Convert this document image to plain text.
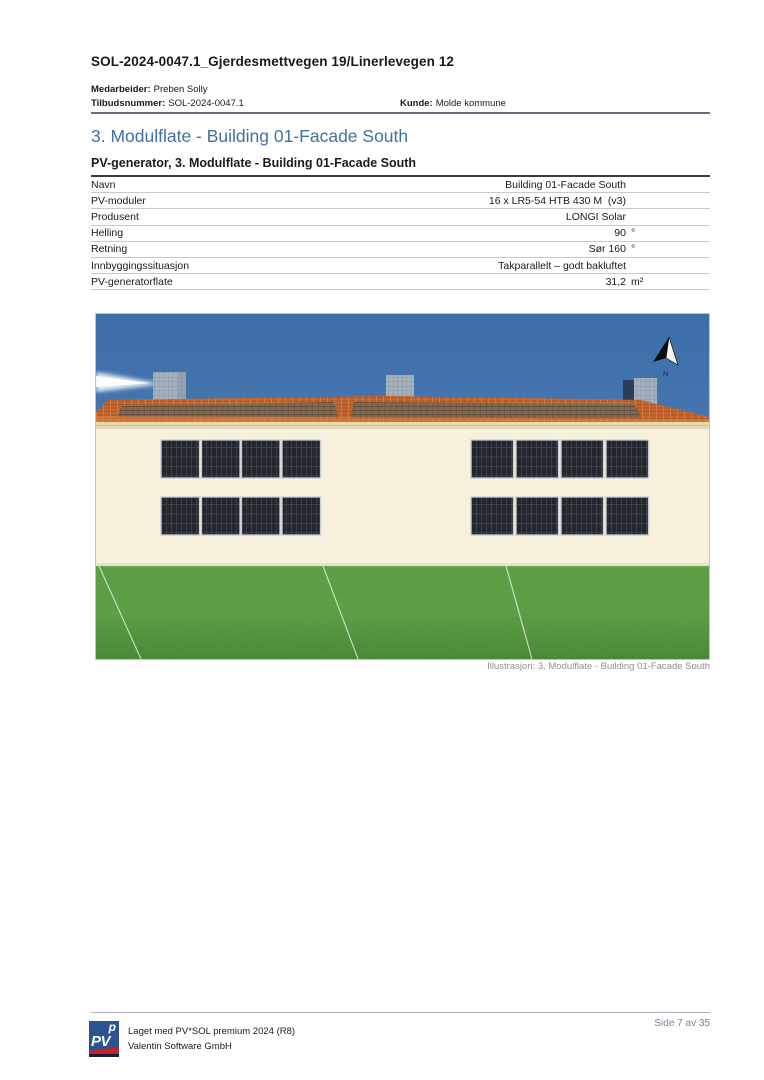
SOL-2024-0047.1_Gjerdesmettvegen 19/Linerlevegen 12
Medarbeider: Preben Solly
Tilbudsnummer: SOL-2024-0047.1	Kunde: Molde kommune
3. Modulflate - Building 01-Facade South
PV-generator, 3. Modulflate - Building 01-Facade South
Navn	Building 01-Facade South
PV-moduler	16 x LR5-54 HTB 430 M  (v3)
Produsent	LONGI Solar
Helling	90 °
Retning	Sør 160 °
Innbyggingssituasjon	Takparallelt – godt bakluftet
PV-generatorflate	31,2 m²
N
Illustrasjon: 3. Modulflate - Building 01-Facade South
p
PV
Laget med PV*SOL premium 2024 (R8)
Valentin Software GmbH
Side 7 av 35
